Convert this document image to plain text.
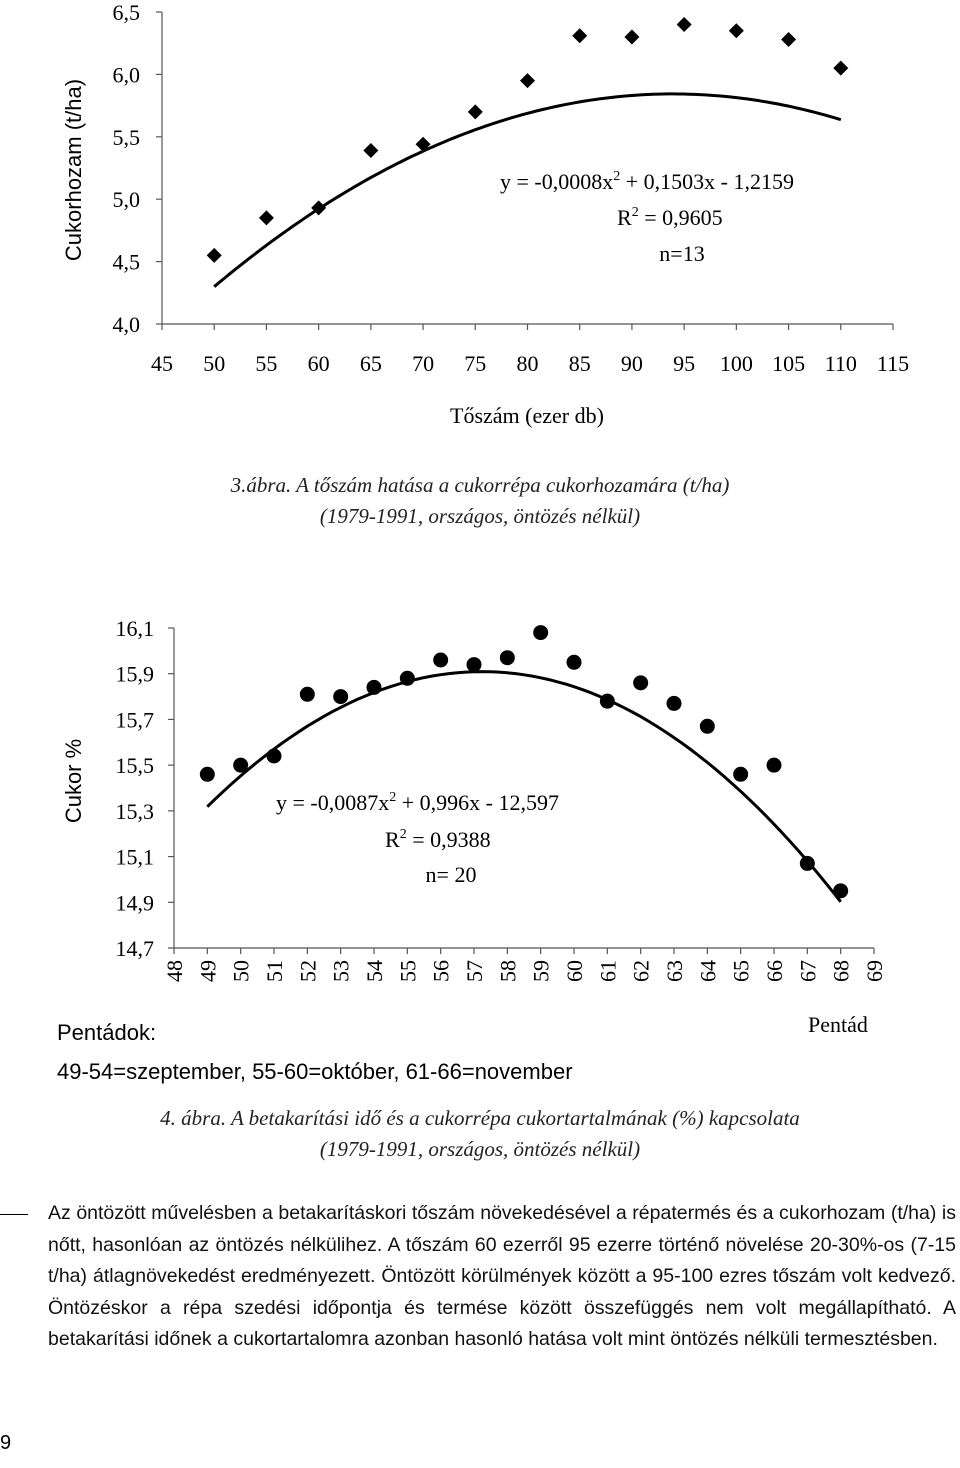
Cukorhozam (t/ha)
4,0
4,5
5,0
5,5
6,0
6,5
45 50 55 60 65 70 75 80 85 90 95 100 105 110 115
$y = -0,0008x^2 + 0,1503x - 1,2159$
$R^2 = 0,9605$
n=13
Tőszám (ezer db)
3.ábra. A tőszám hatása a cukorrépa cukorhozamára (t/ha)
(1979-1991, országos, öntözés nélkül)
Cukor %
14,7
14,9
15,1
15,3
15,5
15,7
15,9
16,1
48 49 50 51 52 53 54 55 56 57 58 59 60 61 62 63 64 65 66 67 68 69
$y = -0,0087x^2 + 0,996x - 12,597$
$R^2 = 0,9388$
n= 20
Pentád
Pentádok:
49-54=szeptember, 55-60=október, 61-66=november
4. ábra. A betakarítási idő és a cukorrépa cukortartalmának (%) kapcsolata
(1979-1991, országos, öntözés nélkül)
Az öntözött művelésben a betakarításkori tőszám növekedésével a répatermés és a cukorhozam (t/ha) is nőtt, hasonlóan az öntözés nélkülihez. A tőszám 60 ezerről 95 ezerre történő növelése 20-30%-os (7-15 t/ha) átlagnövekedést eredményezett. Öntözött körülmények között a 95-100 ezres tőszám volt kedvező. Öntözéskor a répa szedési időpontja és termése között összefüggés nem volt megállapítható. A betakarítási időnek a cukortartalomra azonban hasonló hatása volt mint öntözés nélküli termesztésben.
9
